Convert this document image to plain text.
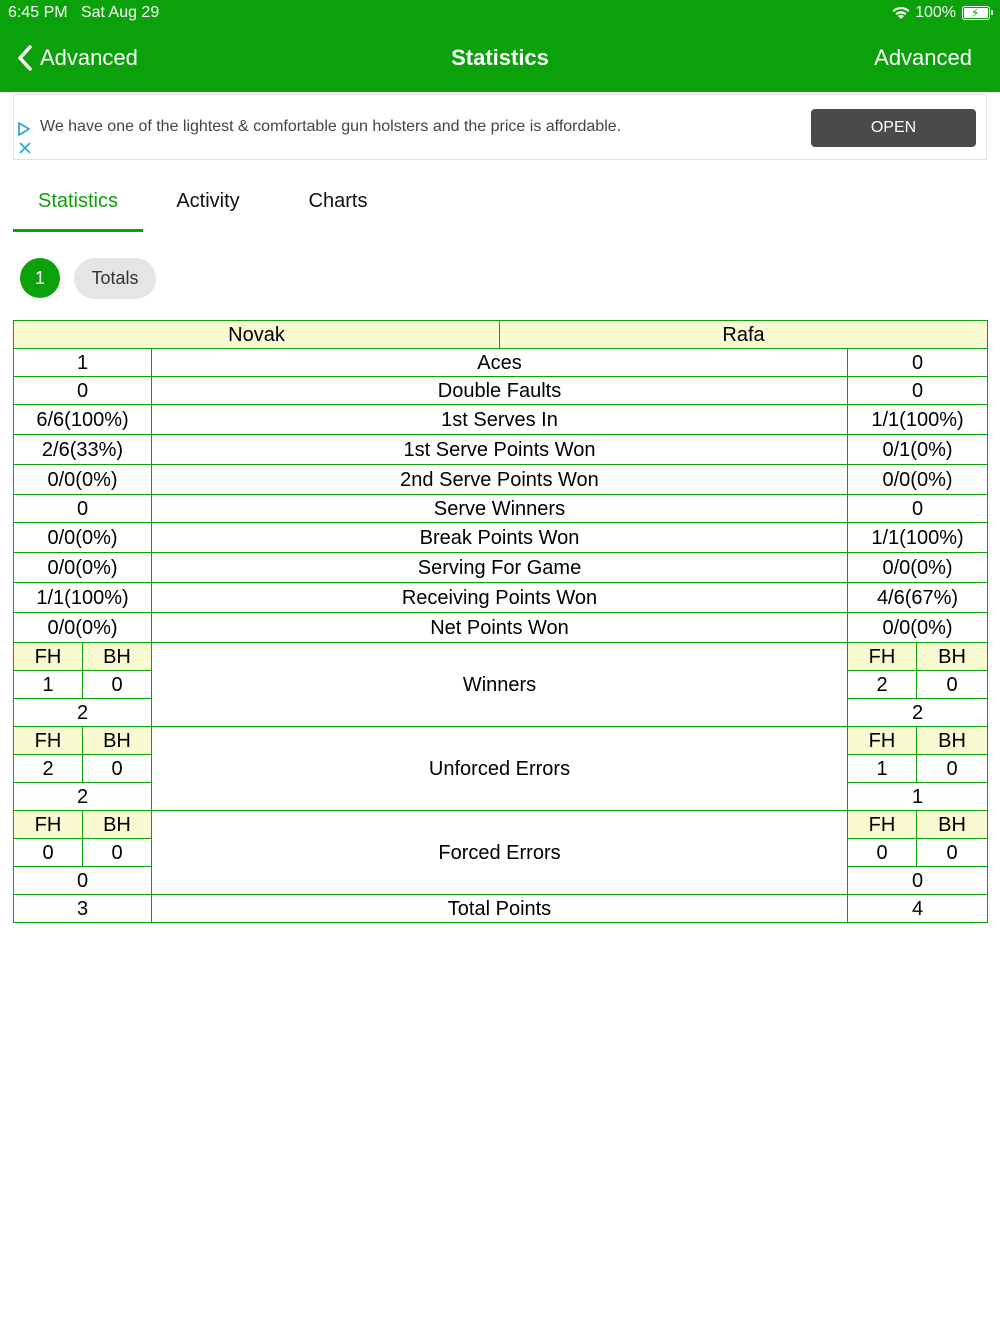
6:45 PM Sat Aug 29	100% ⚡
Advanced	Statistics	Advanced
We have one of the lightest & comfortable gun holsters and the price is affordable.	OPEN
Statistics	Activity	Charts
1	Totals
Novak			Rafa		
1		Aces		0	
0		Double Faults		0	
6/6(100%)		1st Serves In		1/1(100%)	
2/6(33%)		1st Serve Points Won		0/1(0%)	
0/0(0%)		2nd Serve Points Won		0/0(0%)	
0		Serve Winners		0	
0/0(0%)		Break Points Won		1/1(100%)	
0/0(0%)		Serving For Game		0/0(0%)	
1/1(100%)		Receiving Points Won		4/6(67%)	
0/0(0%)		Net Points Won		0/0(0%)	
FH	BH	Winners		FH	BH
1	0			2	0
2				2	
FH	BH	Unforced Errors		FH	BH
2	0			1	0
2				1	
FH	BH	Forced Errors		FH	BH
0	0			0	0
0				0	
3		Total Points		4	
